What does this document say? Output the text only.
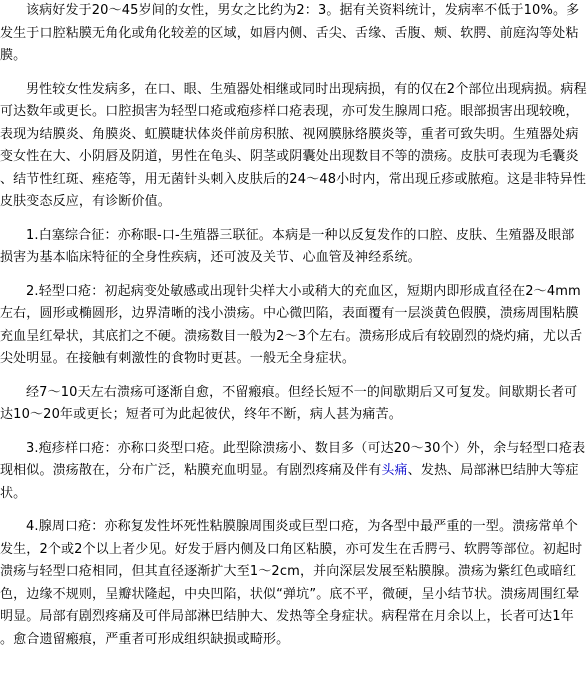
该病好发于20～45岁间的女性，男女之比约为2：3。据有关资料统计，发病率不低于10%。多发生于口腔粘膜无角化或角化较差的区域，如唇内侧、舌尖、舌缘、舌腹、颊、软腭、前庭沟等处粘膜。

男性较女性发病多，在口、眼、生殖器处相继或同时出现病损，有的仅在2个部位出现病损。病程可达数年或更长。口腔损害为轻型口疮或疱疹样口疮表现，亦可发生腺周口疮。眼部损害出现较晚，表现为结膜炎、角膜炎、虹膜睫状体炎伴前房积脓、视网膜脉络膜炎等，重者可致失明。生殖器处病变女性在大、小阴唇及阴道，男性在龟头、阴茎或阴囊处出现数目不等的溃疡。皮肤可表现为毛囊炎、结节性红斑、痤疮等，用无菌针头刺入皮肤后的24～48小时内，常出现丘疹或脓疱。这是非特异性皮肤变态反应，有诊断价值。

1.白塞综合征：亦称眼-口-生殖器三联征。本病是一种以反复发作的口腔、皮肤、生殖器及眼部损害为基本临床特征的全身性疾病，还可波及关节、心血管及神经系统。

2.轻型口疮：初起病变处敏感或出现针尖样大小或稍大的充血区，短期内即形成直径在2～4mm左右，圆形或椭圆形，边界清晰的浅小溃疡。中心微凹陷，表面覆有一层淡黄色假膜，溃疡周围粘膜充血呈红晕状，其底扪之不硬。溃疡数目一般为2～3个左右。溃疡形成后有较剧烈的烧灼痛，尤以舌尖处明显。在接触有刺激性的食物时更甚。一般无全身症状。

经7～10天左右溃疡可逐渐自愈，不留瘢痕。但经长短不一的间歇期后又可复发。间歇期长者可达10～20年或更长；短者可为此起彼伏，终年不断，病人甚为痛苦。

3.疱疹样口疮：亦称口炎型口疮。此型除溃疡小、数目多（可达20～30个）外，余与轻型口疮表现相似。溃疡散在，分布广泛，粘膜充血明显。有剧烈疼痛及伴有头痛、发热、局部淋巴结肿大等症状。

4.腺周口疮：亦称复发性坏死性粘膜腺周围炎或巨型口疮，为各型中最严重的一型。溃疡常单个发生，2个或2个以上者少见。好发于唇内侧及口角区粘膜，亦可发生在舌腭弓、软腭等部位。初起时溃疡与轻型口疮相同，但其直径逐渐扩大至1～2cm，并向深层发展至粘膜腺。溃疡为紫红色或暗红色，边缘不规则，呈瓣状隆起，中央凹陷，状似“弹坑”。底不平，微硬，呈小结节状。溃疡周围红晕明显。局部有剧烈疼痛及可伴局部淋巴结肿大、发热等全身症状。病程常在月余以上，长者可达1年。愈合遗留瘢痕，严重者可形成组织缺损或畸形。
